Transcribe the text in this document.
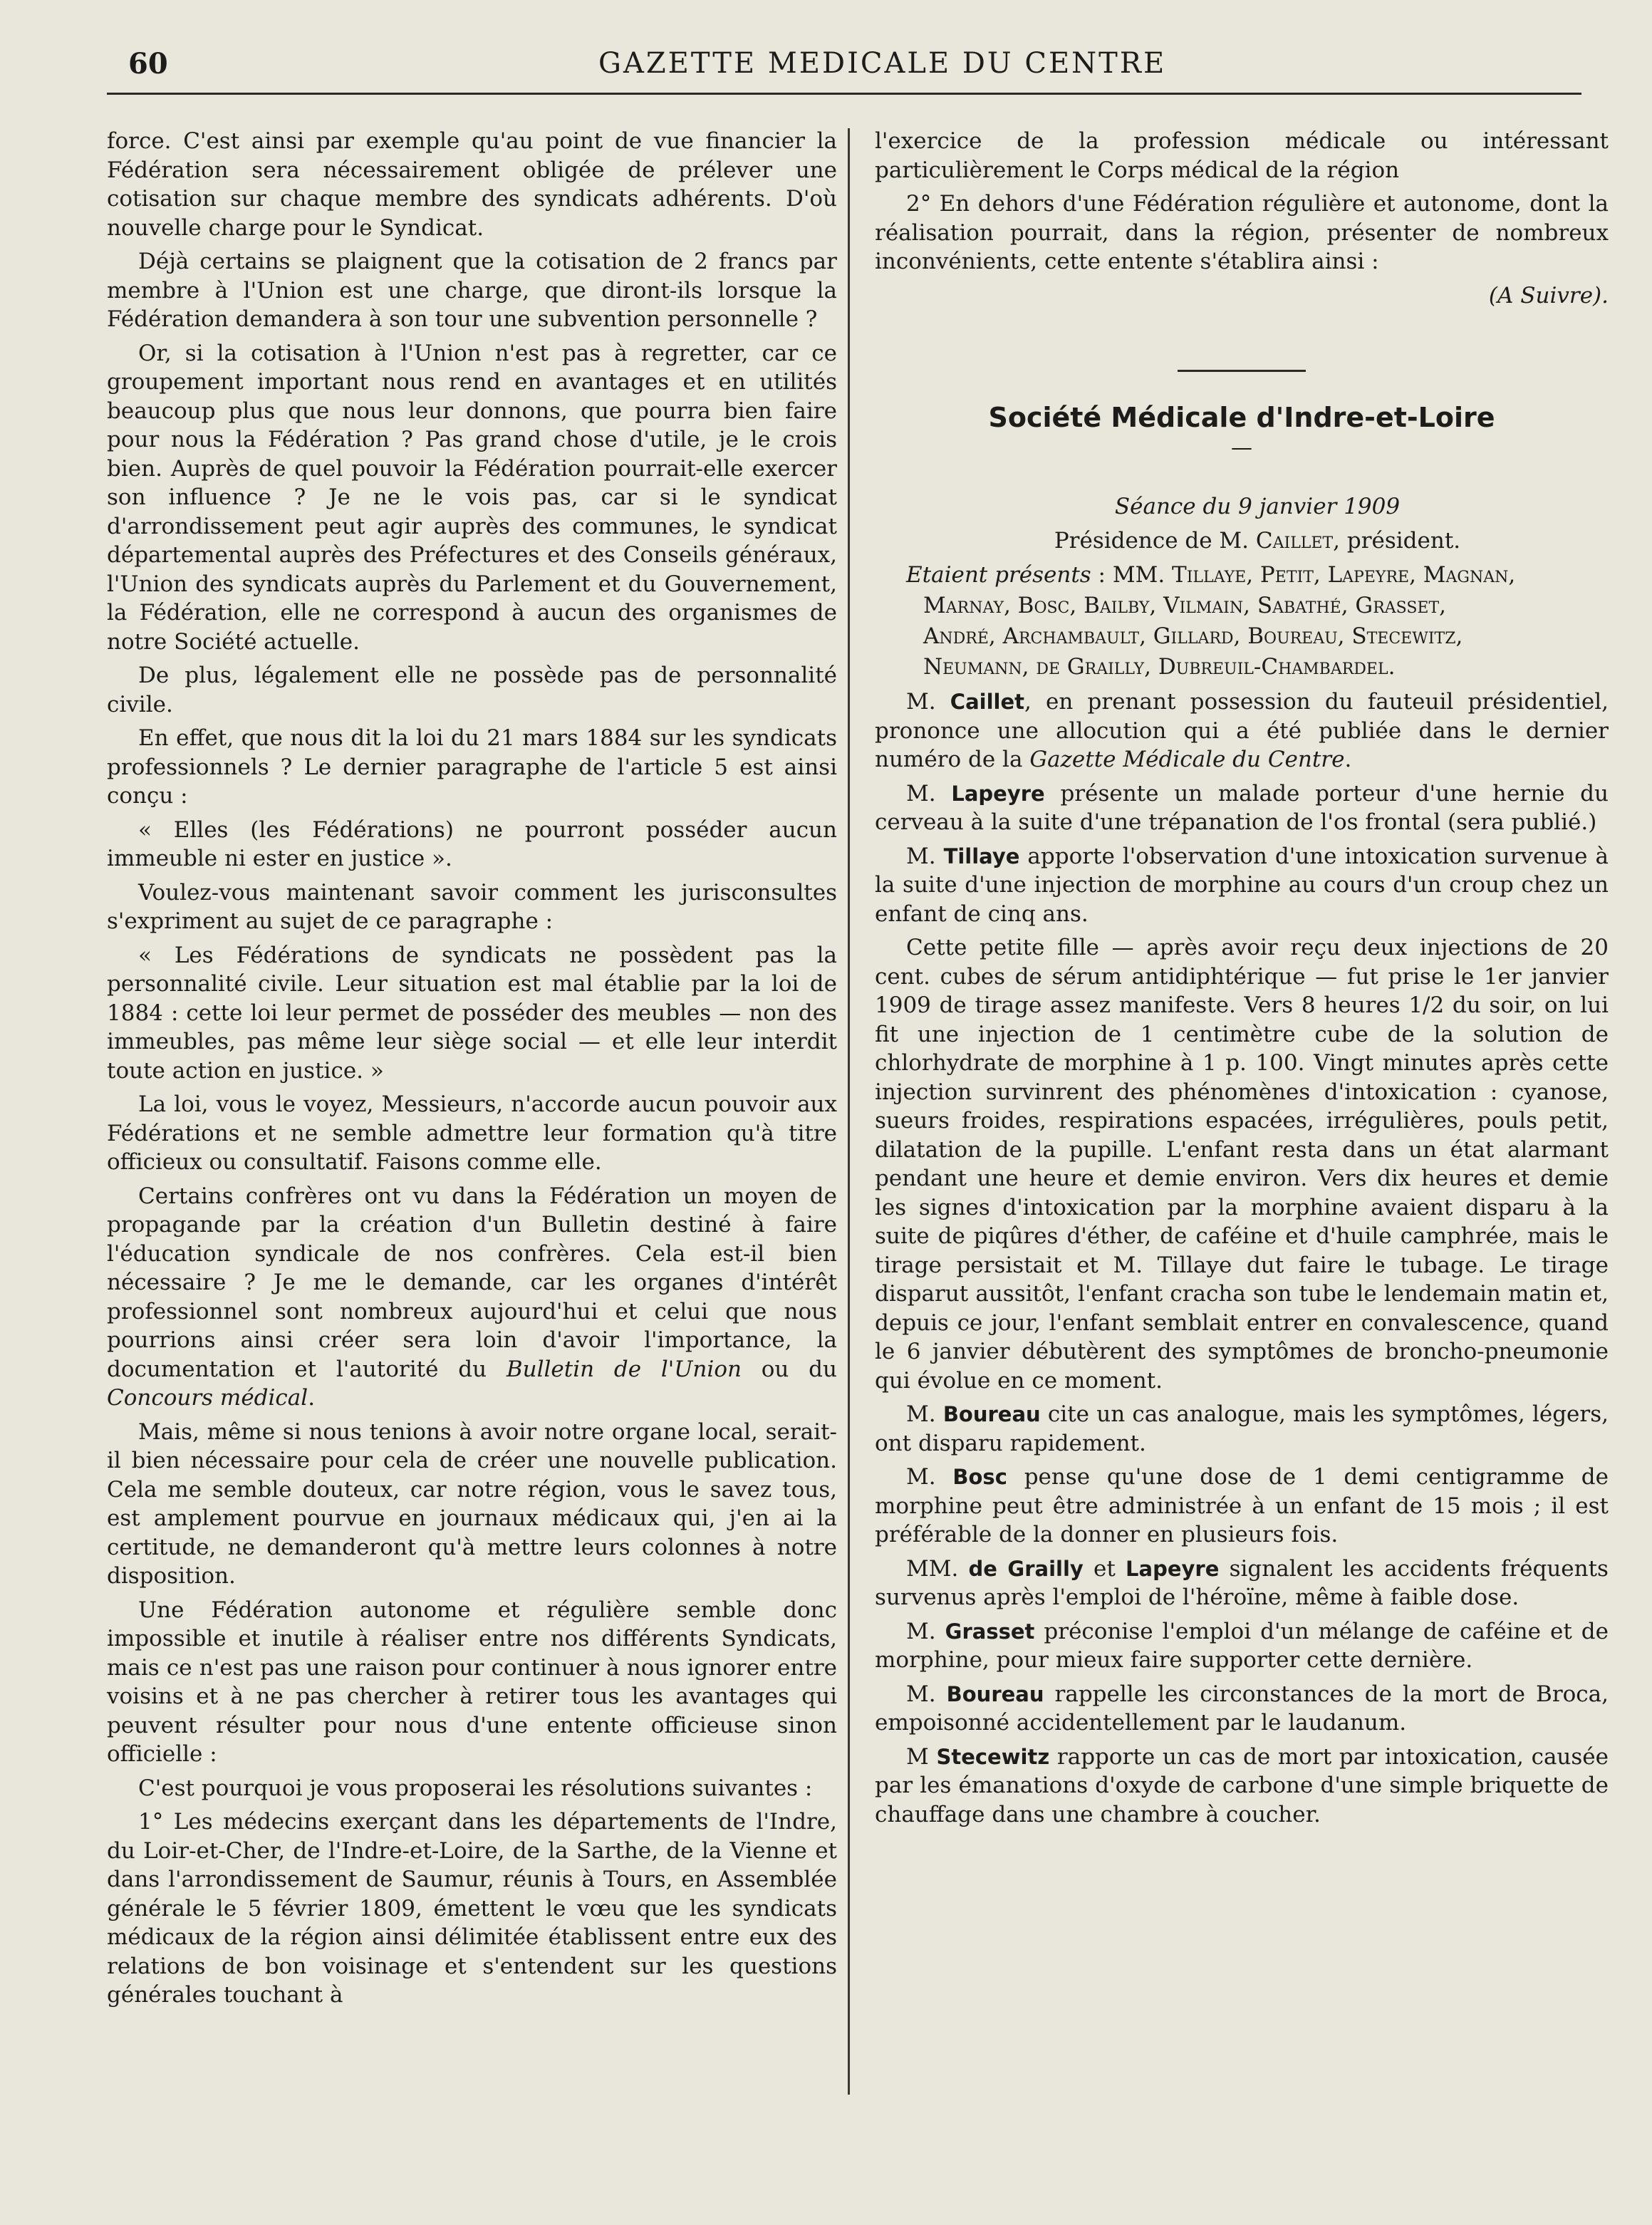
60	GAZETTE MEDICALE DU CENTRE

force. C'est ainsi par exemple qu'au point de vue financier la Fédération sera nécessairement obligée de prélever une cotisation sur chaque membre des syndicats adhérents. D'où nouvelle charge pour le Syndicat.

Déjà certains se plaignent que la cotisation de 2 francs par membre à l'Union est une charge, que diront-ils lorsque la Fédération demandera à son tour une subvention personnelle ?

Or, si la cotisation à l'Union n'est pas à regretter, car ce groupement important nous rend en avantages et en utilités beaucoup plus que nous leur donnons, que pourra bien faire pour nous la Fédération ? Pas grand chose d'utile, je le crois bien. Auprès de quel pouvoir la Fédération pourrait-elle exercer son influence ? Je ne le vois pas, car si le syndicat d'arrondissement peut agir auprès des communes, le syndicat départemental auprès des Préfectures et des Conseils généraux, l'Union des syndicats auprès du Parlement et du Gouvernement, la Fédération, elle ne correspond à aucun des organismes de notre Société actuelle.

De plus, légalement elle ne possède pas de personnalité civile.

En effet, que nous dit la loi du 21 mars 1884 sur les syndicats professionnels ? Le dernier paragraphe de l'article 5 est ainsi conçu :

« Elles (les Fédérations) ne pourront posséder aucun immeuble ni ester en justice ».

Voulez-vous maintenant savoir comment les jurisconsultes s'expriment au sujet de ce paragraphe :

« Les Fédérations de syndicats ne possèdent pas la personnalité civile. Leur situation est mal établie par la loi de 1884 : cette loi leur permet de posséder des meubles — non des immeubles, pas même leur siège social — et elle leur interdit toute action en justice. »

La loi, vous le voyez, Messieurs, n'accorde aucun pouvoir aux Fédérations et ne semble admettre leur formation qu'à titre officieux ou consultatif. Faisons comme elle.

Certains confrères ont vu dans la Fédération un moyen de propagande par la création d'un Bulletin destiné à faire l'éducation syndicale de nos confrères. Cela est-il bien nécessaire ? Je me le demande, car les organes d'intérêt professionnel sont nombreux aujourd'hui et celui que nous pourrions ainsi créer sera loin d'avoir l'importance, la documentation et l'autorité du Bulletin de l'Union ou du Concours médical.

Mais, même si nous tenions à avoir notre organe local, serait-il bien nécessaire pour cela de créer une nouvelle publication. Cela me semble douteux, car notre région, vous le savez tous, est amplement pourvue en journaux médicaux qui, j'en ai la certitude, ne demanderont qu'à mettre leurs colonnes à notre disposition.

Une Fédération autonome et régulière semble donc impossible et inutile à réaliser entre nos différents Syndicats, mais ce n'est pas une raison pour continuer à nous ignorer entre voisins et à ne pas chercher à retirer tous les avantages qui peuvent résulter pour nous d'une entente officieuse sinon officielle :

C'est pourquoi je vous proposerai les résolutions suivantes :

1° Les médecins exerçant dans les départements de l'Indre, du Loir-et-Cher, de l'Indre-et-Loire, de la Sarthe, de la Vienne et dans l'arrondissement de Saumur, réunis à Tours, en Assemblée générale le 5 février 1809, émettent le vœu que les syndicats médicaux de la région ainsi délimitée établissent entre eux des relations de bon voisinage et s'entendent sur les questions générales touchant à

l'exercice de la profession médicale ou intéressant particulièrement le Corps médical de la région

2° En dehors d'une Fédération régulière et autonome, dont la réalisation pourrait, dans la région, présenter de nombreux inconvénients, cette entente s'établira ainsi :

(A Suivre).

Société Médicale d'Indre-et-Loire
—

Séance du 9 janvier 1909

Présidence de M. Caillet, président.

Etaient présents : MM. Tillaye, Petit, Lapeyre, Magnan,
Marnay, Bosc, Bailby, Vilmain, Sabathé, Grasset,
André, Archambault, Gillard, Boureau, Stecewitz,
Neumann, de Grailly, Dubreuil-Chambardel.

M. Caillet, en prenant possession du fauteuil présidentiel, prononce une allocution qui a été publiée dans le dernier numéro de la Gazette Médicale du Centre.

M. Lapeyre présente un malade porteur d'une hernie du cerveau à la suite d'une trépanation de l'os frontal (sera publié.)

M. Tillaye apporte l'observation d'une intoxication survenue à la suite d'une injection de morphine au cours d'un croup chez un enfant de cinq ans.

Cette petite fille — après avoir reçu deux injections de 20 cent. cubes de sérum antidiphtérique — fut prise le 1er janvier 1909 de tirage assez manifeste. Vers 8 heures 1/2 du soir, on lui fit une injection de 1 centimètre cube de la solution de chlorhydrate de morphine à 1 p. 100. Vingt minutes après cette injection survinrent des phénomènes d'intoxication : cyanose, sueurs froides, respirations espacées, irrégulières, pouls petit, dilatation de la pupille. L'enfant resta dans un état alarmant pendant une heure et demie environ. Vers dix heures et demie les signes d'intoxication par la morphine avaient disparu à la suite de piqûres d'éther, de caféine et d'huile camphrée, mais le tirage persistait et M. Tillaye dut faire le tubage. Le tirage disparut aussitôt, l'enfant cracha son tube le lendemain matin et, depuis ce jour, l'enfant semblait entrer en convalescence, quand le 6 janvier débutèrent des symptômes de broncho-pneumonie qui évolue en ce moment.

M. Boureau cite un cas analogue, mais les symptômes, légers, ont disparu rapidement.

M. Bosc pense qu'une dose de 1 demi centigramme de morphine peut être administrée à un enfant de 15 mois ; il est préférable de la donner en plusieurs fois.

MM. de Grailly et Lapeyre signalent les accidents fréquents survenus après l'emploi de l'héroïne, même à faible dose.

M. Grasset préconise l'emploi d'un mélange de caféine et de morphine, pour mieux faire supporter cette dernière.

M. Boureau rappelle les circonstances de la mort de Broca, empoisonné accidentellement par le laudanum.

M Stecewitz rapporte un cas de mort par intoxication, causée par les émanations d'oxyde de carbone d'une simple briquette de chauffage dans une chambre à coucher.
